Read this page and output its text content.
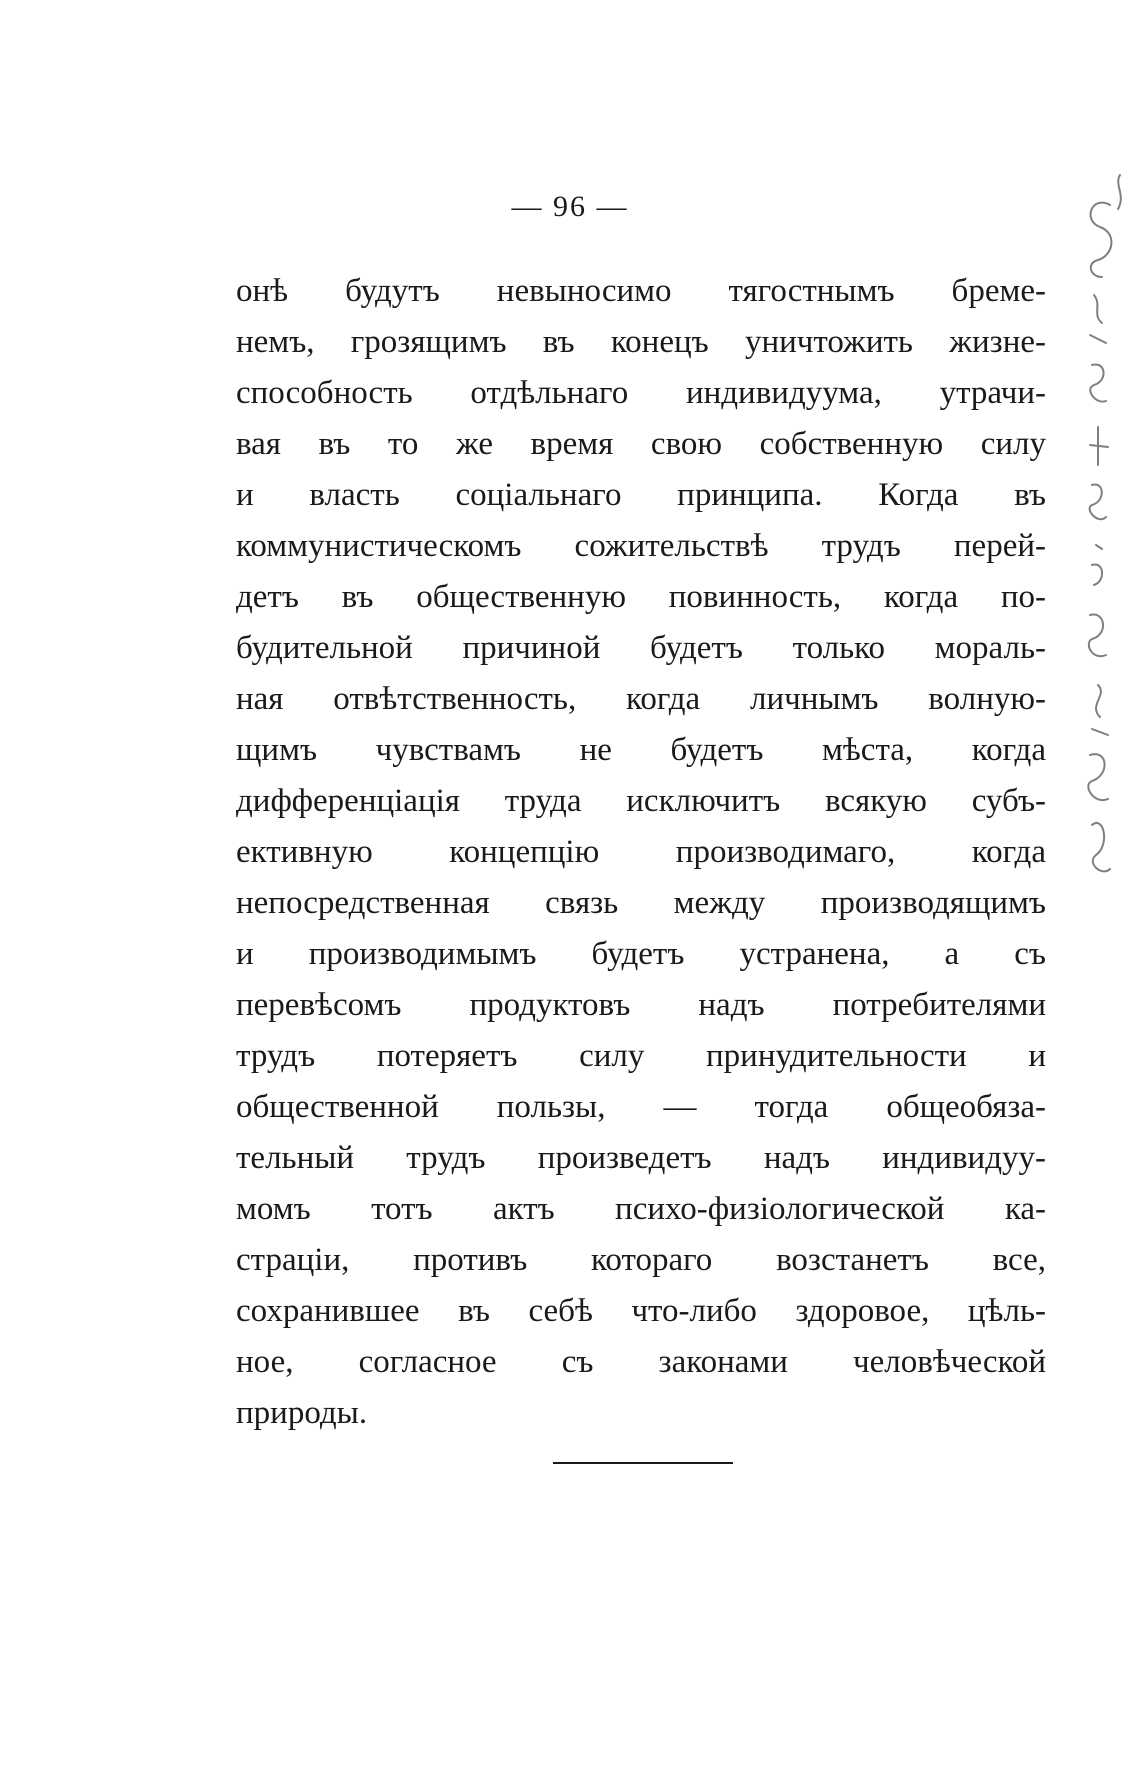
— 96 —
онѣ будутъ невыносимо тягостнымъ бреме-
немъ, грозящимъ въ конецъ уничтожить жизне-
способность отдѣльнаго индивидуума, утрачи-
вая въ то же время свою собственную силу
и власть соціальнаго принципа. Когда въ
коммунистическомъ сожительствѣ трудъ перей-
детъ въ общественную повинность, когда по-
будительной причиной будетъ только мораль-
ная отвѣтственность, когда личнымъ волную-
щимъ чувствамъ не будетъ мѣста, когда
дифференціація труда исключитъ всякую субъ-
ективную концепцію производимаго, когда
непосредственная связь между производящимъ
и производимымъ будетъ устранена, а съ
перевѣсомъ продуктовъ надъ потребителями
трудъ потеряетъ силу принудительности и
общественной пользы, — тогда общеобяза-
тельный трудъ произведетъ надъ индивидуу-
момъ тотъ актъ психо-физіологической ка-
страціи, противъ котораго возстанетъ все,
сохранившее въ себѣ что-либо здоровое, цѣль-
ное, согласное съ законами человѣческой
природы.
